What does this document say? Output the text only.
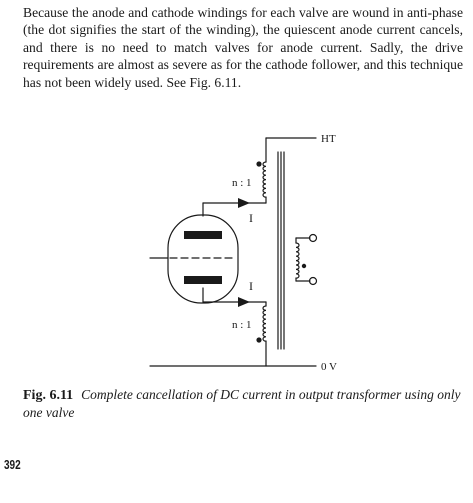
Because the anode and cathode windings for each valve are wound in anti-phase (the dot signifies the start of the winding), the quiescent anode current cancels, and there is no need to match valves for anode current. Sadly, the drive requirements are almost as severe as for the cathode follower, and this technique has not been widely used. See Fig. 6.11.

HT
0 V
n : 1
n : 1
I
I

Fig. 6.11 Complete cancellation of DC current in output transformer using only one valve

392
